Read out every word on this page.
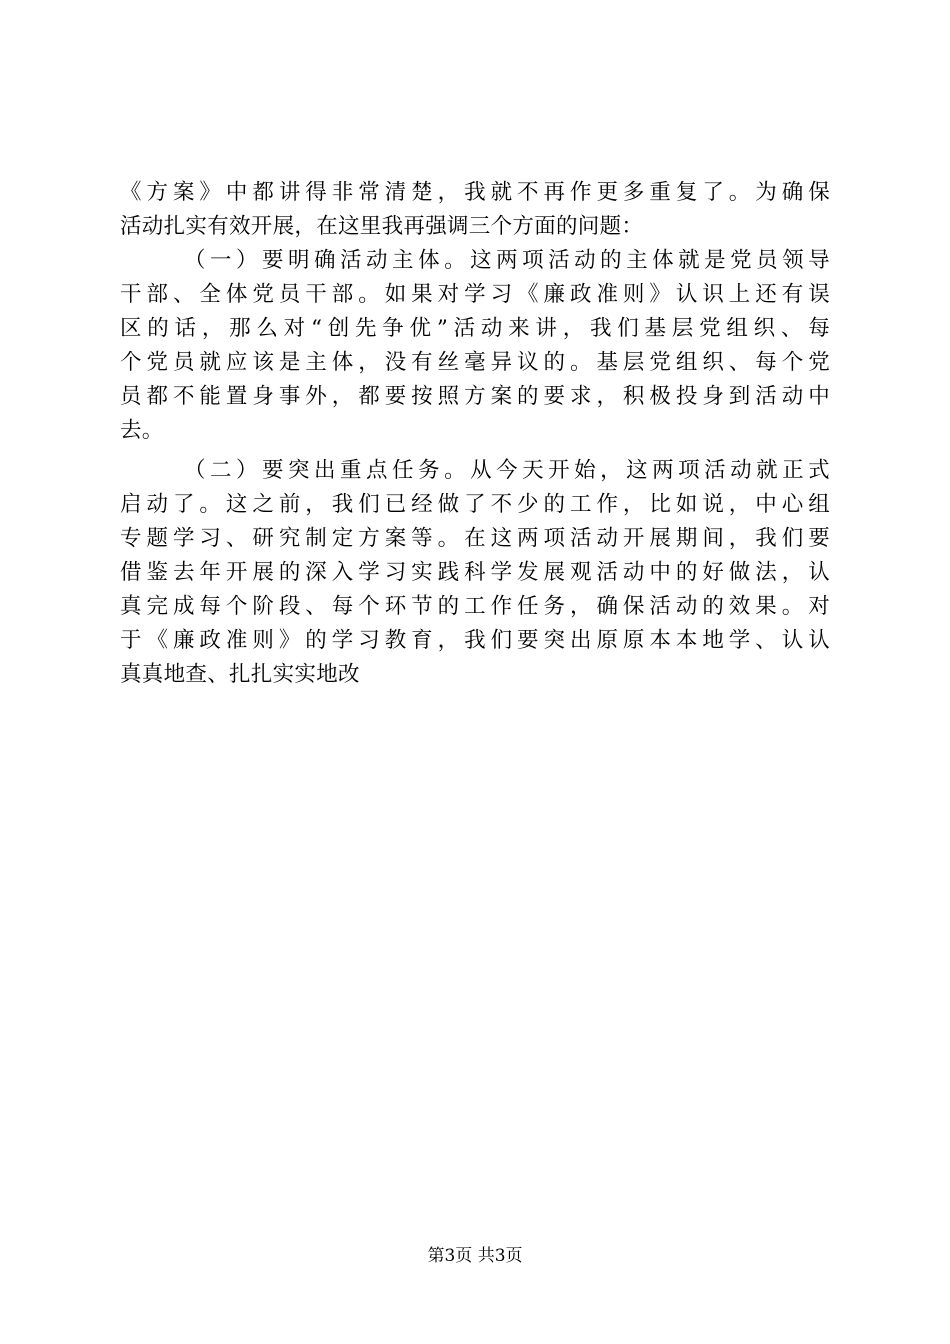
《方案》中都讲得非常清楚，我就不再作更多重复了。为确保
活动扎实有效开展，在这里我再强调三个方面的问题：
（一）要明确活动主体。这两项活动的主体就是党员领导
干部、全体党员干部。如果对学习《廉政准则》认识上还有误
区的话，那么对“创先争优”活动来讲，我们基层党组织、每
个党员就应该是主体，没有丝毫异议的。基层党组织、每个党
员都不能置身事外，都要按照方案的要求，积极投身到活动中
去。
（二）要突出重点任务。从今天开始，这两项活动就正式
启动了。这之前，我们已经做了不少的工作，比如说，中心组
专题学习、研究制定方案等。在这两项活动开展期间，我们要
借鉴去年开展的深入学习实践科学发展观活动中的好做法，认
真完成每个阶段、每个环节的工作任务，确保活动的效果。对
于《廉政准则》的学习教育，我们要突出原原本本地学、认认
真真地查、扎扎实实地改
第3页 共3页
